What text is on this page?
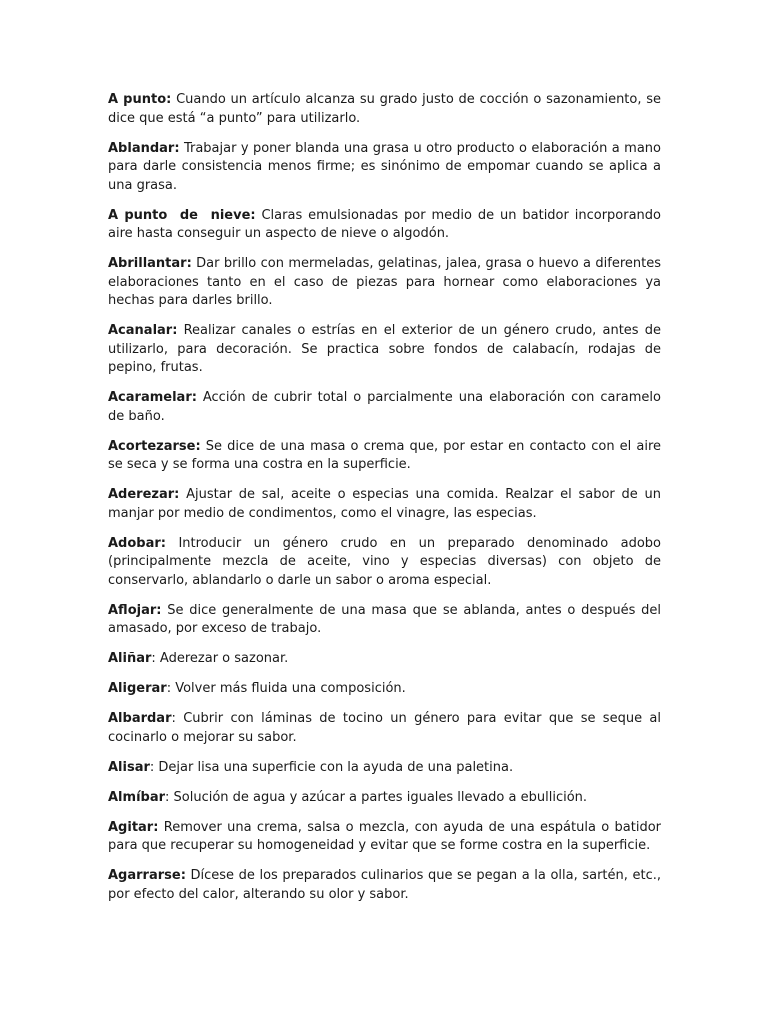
A punto: Cuando un artículo alcanza su grado justo de cocción o sazonamiento, se dice que está “a punto” para utilizarlo.

Ablandar: Trabajar y poner blanda una grasa u otro producto o elaboración a mano para darle consistencia menos firme; es sinónimo de empomar cuando se aplica a una grasa.

A punto  de  nieve: Claras emulsionadas por medio de un batidor incorporando aire hasta conseguir un aspecto de nieve o algodón.

Abrillantar: Dar brillo con mermeladas, gelatinas, jalea, grasa o huevo a diferentes elaboraciones tanto en el caso de piezas para hornear como elaboraciones ya hechas para darles brillo.

Acanalar: Realizar canales o estrías en el exterior de un género crudo, antes de utilizarlo, para decoración. Se practica sobre fondos de calabacín, rodajas de pepino, frutas.

Acaramelar: Acción de cubrir total o parcialmente una elaboración con caramelo de baño.

Acortezarse: Se dice de una masa o crema que, por estar en contacto con el aire se seca y se forma una costra en la superficie.

Aderezar: Ajustar de sal, aceite o especias una comida. Realzar el sabor de un manjar por medio de condimentos, como el vinagre, las especias.

Adobar: Introducir un género crudo en un preparado denominado adobo (principalmente mezcla de aceite, vino y especias diversas) con objeto de conservarlo, ablandarlo o darle un sabor o aroma especial.

Aflojar: Se dice generalmente de una masa que se ablanda, antes o después del amasado, por exceso de trabajo.

Aliñar: Aderezar o sazonar.

Aligerar: Volver más fluida una composición.

Albardar: Cubrir con láminas de tocino un género para evitar que se seque al cocinarlo o mejorar su sabor.

Alisar: Dejar lisa una superficie con la ayuda de una paletina.

Almíbar: Solución de agua y azúcar a partes iguales llevado a ebullición.

Agitar: Remover una crema, salsa o mezcla, con ayuda de una espátula o batidor para que recuperar su homogeneidad y evitar que se forme costra en la superficie.

Agarrarse: Dícese de los preparados culinarios que se pegan a la olla, sartén, etc., por efecto del calor, alterando su olor y sabor.
